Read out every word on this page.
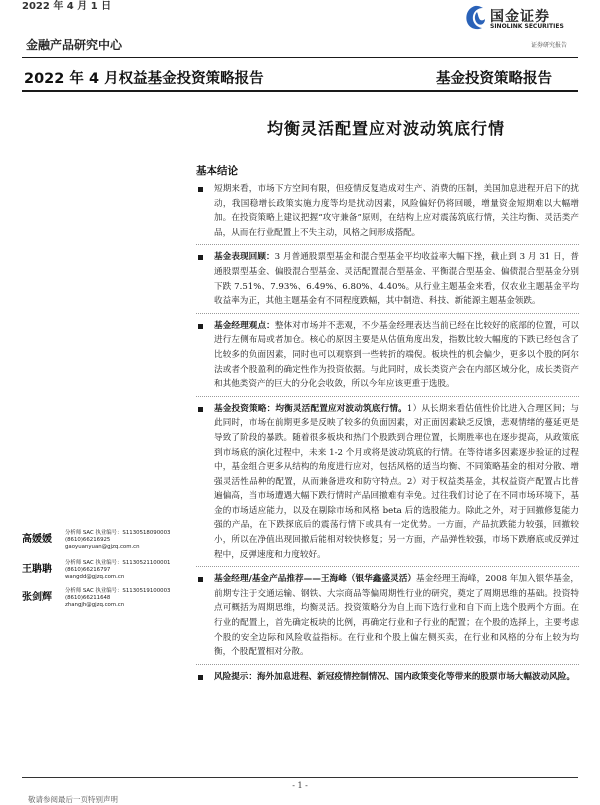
2022 年 4 月 1 日
金融产品研究中心
国金证券
SINOLINK SECURITIES
证券研究报告
2022 年 4 月权益基金投资策略报告	基金投资策略报告
均衡灵活配置应对波动筑底行情
基本结论
短期来看，市场下方空间有限，但疫情反复造成对生产、消费的压制，美国加息进程开启下的扰动，我国稳增长政策实施力度等均是扰动因素，风险偏好仍将回暖，增量资金短期难以大幅增加。在投资策略上建议把握“攻守兼备”原则，在结构上应对震荡筑底行情，关注均衡、灵活类产品，从而在行业配置上不失主动，风格之间形成搭配。
基金表现回顾：3 月普通股票型基金和混合型基金平均收益率大幅下挫，截止到 3 月 31 日，普通股票型基金、偏股混合型基金、灵活配置混合型基金、平衡混合型基金、偏债混合型基金分别下跌 7.51%、7.93%、6.49%、6.80%、4.40%。从行业主题基金来看，仅农业主题基金平均收益率为正，其他主题基金有不同程度跌幅，其中制造、科技、新能源主题基金领跌。
基金经理观点：整体对市场并不悲观，不少基金经理表达当前已经在比较好的底部的位置，可以进行左侧布局或者加仓。核心的原因主要是从估值角度出发，指数比较大幅度的下跌已经包含了比较多的负面因素，同时也可以观察到一些转折的端倪。板块性的机会偏少，更多以个股的阿尔法或者个股盈利的确定性作为投资依据。与此同时，成长类资产会在内部区域分化，成长类资产和其他类资产的巨大的分化会收敛，所以今年应该更重于选股。
基金投资策略：均衡灵活配置应对波动筑底行情。1）从长期来看估值性价比进入合理区间；与此同时，市场在前期更多是反映了较多的负面因素，对正面因素缺乏反馈，悲观情绪的蔓延更是导致了阶段的暴跌。随着很多板块和热门个股跌到合理位置，长期胜率也在逐步提高，从政策底到市场底的演化过程中，未来 1-2 个月或将是波动筑底的行情。在等待诸多因素逐步验证的过程中，基金组合更多从结构的角度进行应对，包括风格的适当均衡、不同策略基金的相对分散、增强灵活性品种的配置，从而兼备进攻和防守特点。2）对于权益类基金，其权益资产配置占比普遍偏高，当市场遭遇大幅下跌行情时产品回撤难有幸免。过往我们讨论了在不同市场环境下，基金的市场适应能力，以及在剔除市场和风格 beta 后的选股能力。除此之外，对于回撤修复能力强的产品，在下跌探底后的震荡行情下或具有一定优势。一方面，产品抗跌能力较强，回撤较小，所以在净值出现回撤后能相对较快修复；另一方面，产品弹性较强，市场下跌磨底或反弹过程中，反弹速度和力度较好。
基金经理/基金产品推荐——王海峰（银华鑫盛灵活）基金经理王海峰，2008 年加入银华基金，前期专注于交通运输、钢铁、大宗商品等偏周期性行业的研究，奠定了周期思维的基础。投资特点可概括为周期思维，均衡灵活。投资策略分为自上而下选行业和自下而上选个股两个方面。在行业的配置上，首先确定板块的比例，再确定行业和子行业的配置；在个股的选择上，主要考虑个股的安全边际和风险收益指标。在行业和个股上偏左侧买卖，在行业和风格的分布上较为均衡，个股配置相对分散。
风险提示：海外加息进程、新冠疫情控制情况、国内政策变化等带来的股票市场大幅波动风险。
高媛媛
分析师 SAC 执业编号：S1130518090003
(8610)66216925
gaoyuanyuan@gjzq.com.cn
王聃聃
分析师 SAC 执业编号：S1130521100001
(8610)66216797
wangdd@gjzq.com.cn
张剑辉
分析师 SAC 执业编号：S1130519100003
(8610)66211648
zhangjh@gjzq.com.cn
- 1 -
敬请参阅最后一页特别声明
